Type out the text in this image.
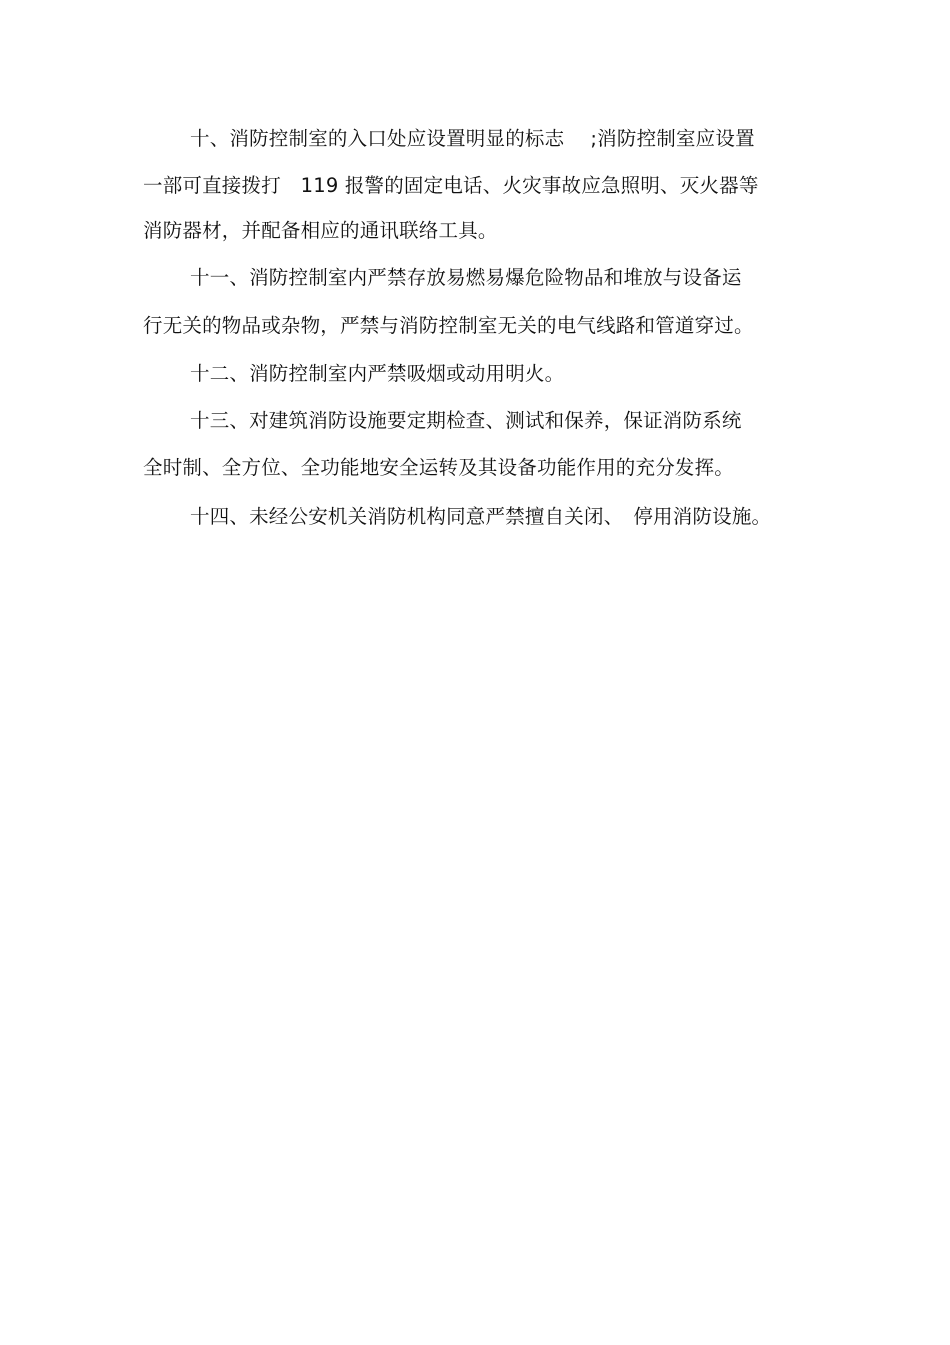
十、消防控制室的入口处应设置明显的标志　 ;消防控制室应设置
一部可直接拨打　119 报警的固定电话、火灾事故应急照明、灭火器等
消防器材，并配备相应的通讯联络工具。
十一、消防控制室内严禁存放易燃易爆危险物品和堆放与设备运
行无关的物品或杂物，严禁与消防控制室无关的电气线路和管道穿过。
十二、消防控制室内严禁吸烟或动用明火。
十三、对建筑消防设施要定期检查、测试和保养，保证消防系统
全时制、全方位、全功能地安全运转及其设备功能作用的充分发挥。
十四、未经公安机关消防机构同意严禁擅自关闭、　停用消防设施。
